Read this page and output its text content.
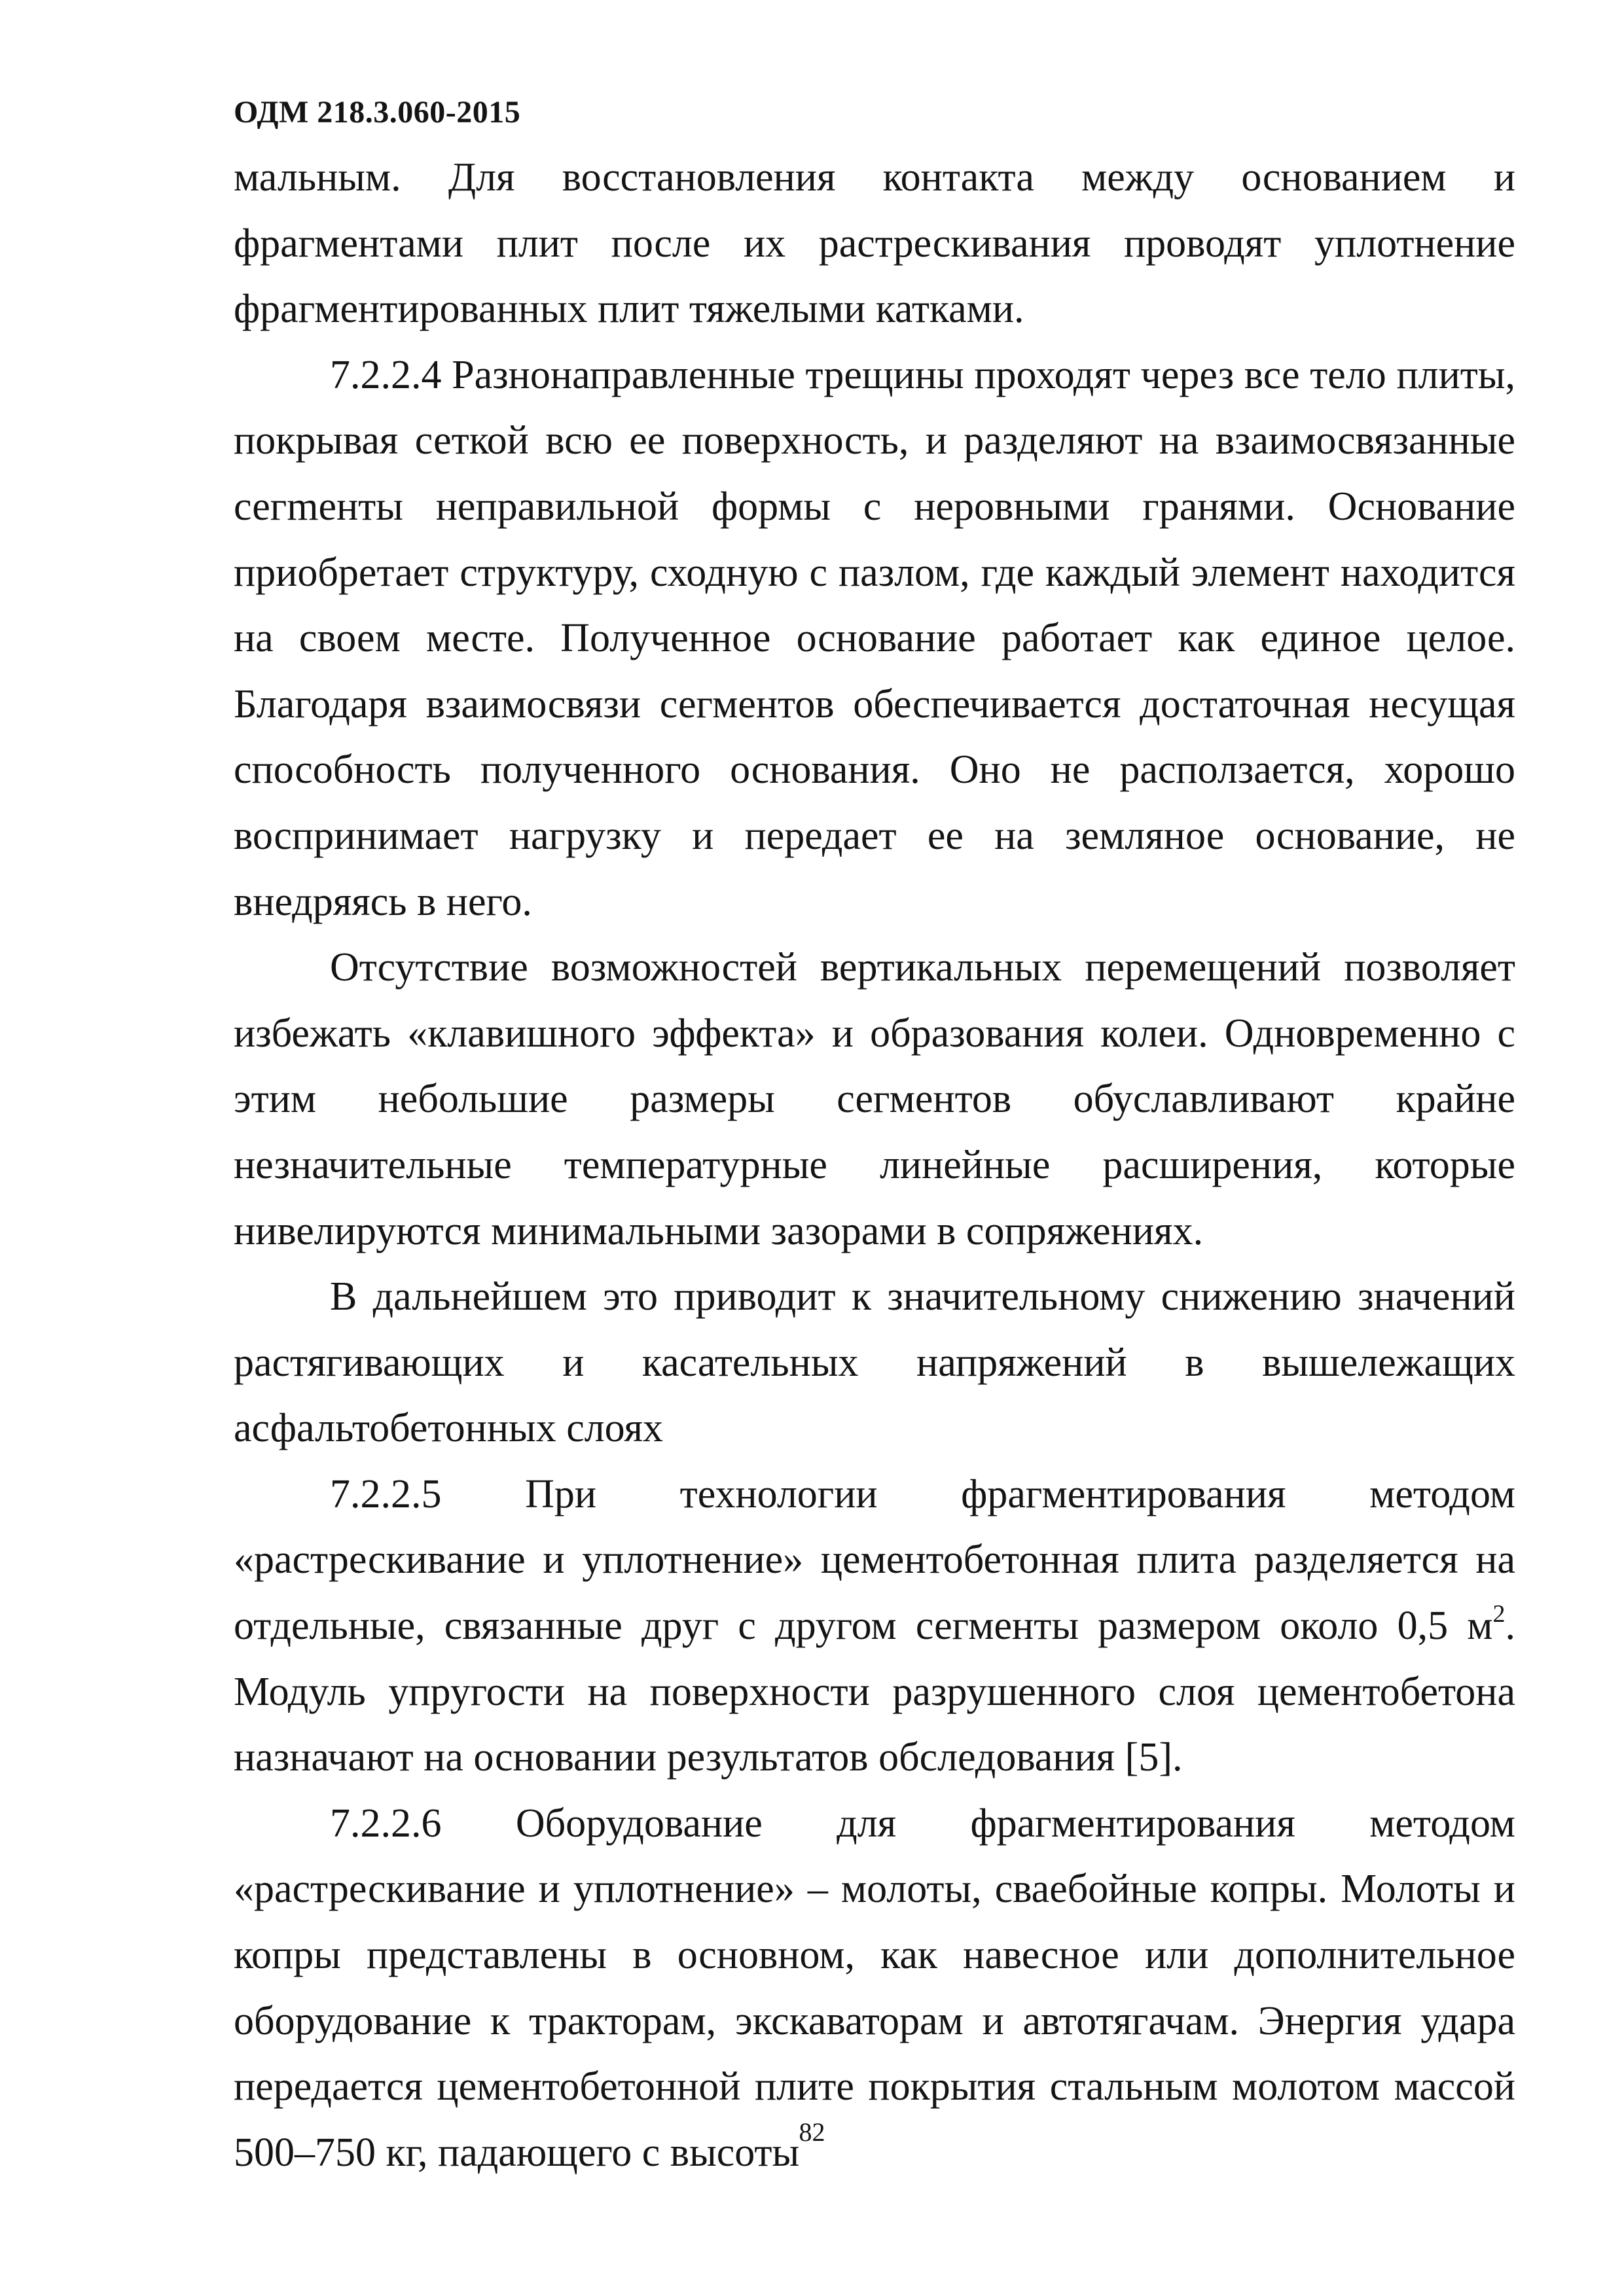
ОДМ 218.3.060-2015

мальным. Для восстановления контакта между основанием и фрагментами плит после их растрескивания проводят уплотнение фрагментированных плит тяжелыми катками.

7.2.2.4 Разнонаправленные трещины проходят через все тело плиты, покрывая сеткой всю ее поверхность, и разделяют на взаимосвязанные сегmенты неправильной формы с неровными гранями. Основание приобретает структуру, сходную с пазлом, где каждый элемент находится на своем месте. Полученное основание работает как единое целое. Благодаря взаимосвязи сегментов обеспечивается достаточная несущая способность полученного основания. Оно не расползается, хорошо воспринимает нагрузку и передает ее на земляное основание, не внедряясь в него.

Отсутствие возможностей вертикальных перемещений позволяет избежать «клавишного эффекта» и образования колеи. Одновременно с этим небольшие размеры сегментов обуславливают крайне незначительные температурные линейные расширения, которые нивелируются минимальными зазорами в сопряжениях.

В дальнейшем это приводит к значительному снижению значений растягивающих и касательных напряжений в вышележащих асфальтобетонных слоях

7.2.2.5 При технологии фрагментирования методом «растрескивание и уплотнение» цементобетонная плита разделяется на отдельные, связанные друг с другом сегменты размером около 0,5 $м^2$. Модуль упругости на поверхности разрушенного слоя цементобетона назначают на основании результатов обследования [5].

7.2.2.6 Оборудование для фрагментирования методом «растрескивание и уплотнение» – молоты, сваебойные копры. Молоты и копры представлены в основном, как навесное или дополнительное оборудование к тракторам, экскаваторам и автотягачам. Энергия удара передается цементобетонной плите покрытия стальным молотом массой 500–750 кг, падающего с высоты 82
